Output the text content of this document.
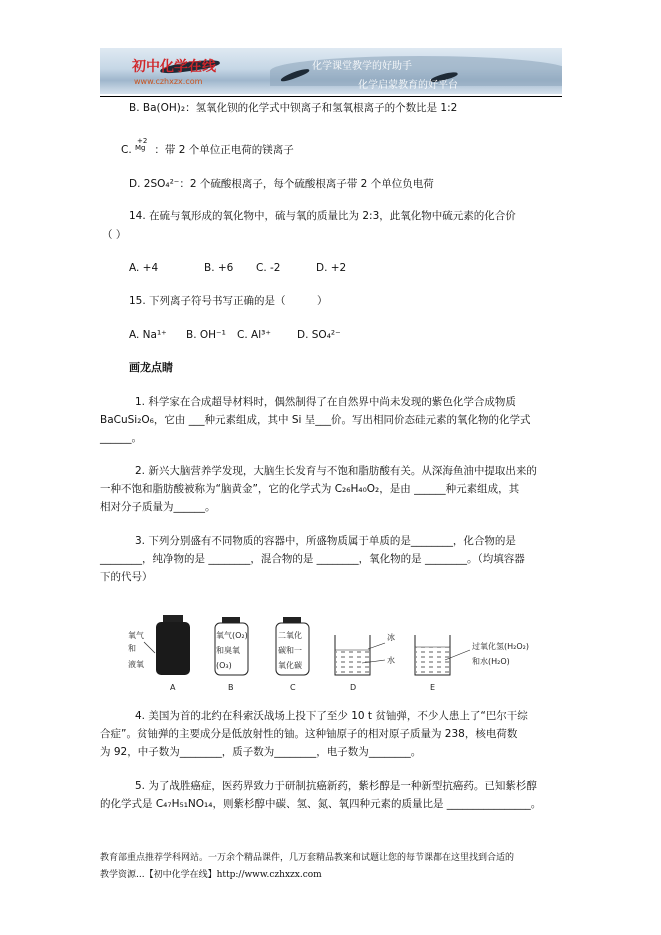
初中化学在线
www.czhxzx.com
化学课堂教学的好助手
化学启蒙教育的好平台
B. Ba(OH)₂：氢氧化钡的化学式中钡离子和氢氧根离子的个数比是 1:2
C.
+2
Mg ：带 2 个单位正电荷的镁离子
D. 2SO₄²⁻：2 个硫酸根离子，每个硫酸根离子带 2 个单位负电荷
14. 在硫与氧形成的氧化物中，硫与氧的质量比为 2:3，此氧化物中硫元素的化合价
（ ）
A. +4	B. +6 C. -2	D. +2
15. 下列离子符号书写正确的是（　　　）
A. Na¹⁺ B. OH⁻¹ C. Al³⁺ D. SO₄²⁻
画龙点睛
1. 科学家在合成超导材料时，偶然制得了在自然界中尚未发现的紫色化学合成物质
BaCuSi₂O₆，它由 ___种元素组成，其中 Si 呈___价。写出相同价态硅元素的氧化物的化学式
______。
2. 新兴大脑营养学发现，大脑生长发育与不饱和脂肪酸有关。从深海鱼油中提取出来的
一种不饱和脂肪酸被称为“脑黄金”，它的化学式为 C₂₆H₄₀O₂，是由 ______种元素组成，其
相对分子质量为______。
3. 下列分别盛有不同物质的容器中，所盛物质属于单质的是________，化合物的是
________，纯净物的是 ________，混合物的是 ________，氧化物的是 ________。（均填容器
下的代号）
氧气
和
液氧
A
氧气(O₂)
和臭氧
(O₃)
B
二氧化
碳和一
氧化碳
C
冰
水
D
过氧化氢(H₂O₂)
和水(H₂O)
E
4. 美国为首的北约在科索沃战场上投下了至少 10 t 贫铀弹，不少人患上了“巴尔干综
合症”。贫铀弹的主要成分是低放射性的铀。这种铀原子的相对原子质量为 238，核电荷数
为 92，中子数为________，质子数为________，电子数为________。
5. 为了战胜癌症，医药界致力于研制抗癌新药，紫杉醇是一种新型抗癌药。已知紫杉醇
的化学式是 C₄₇H₅₁NO₁₄，则紫杉醇中碳、氢、氮、氧四种元素的质量比是 ________________。
教育部重点推荐学科网站。一万余个精品课件，几万套精品教案和试题让您的每节课都在这里找到合适的
教学资源...【初中化学在线】http://www.czhxzx.com
